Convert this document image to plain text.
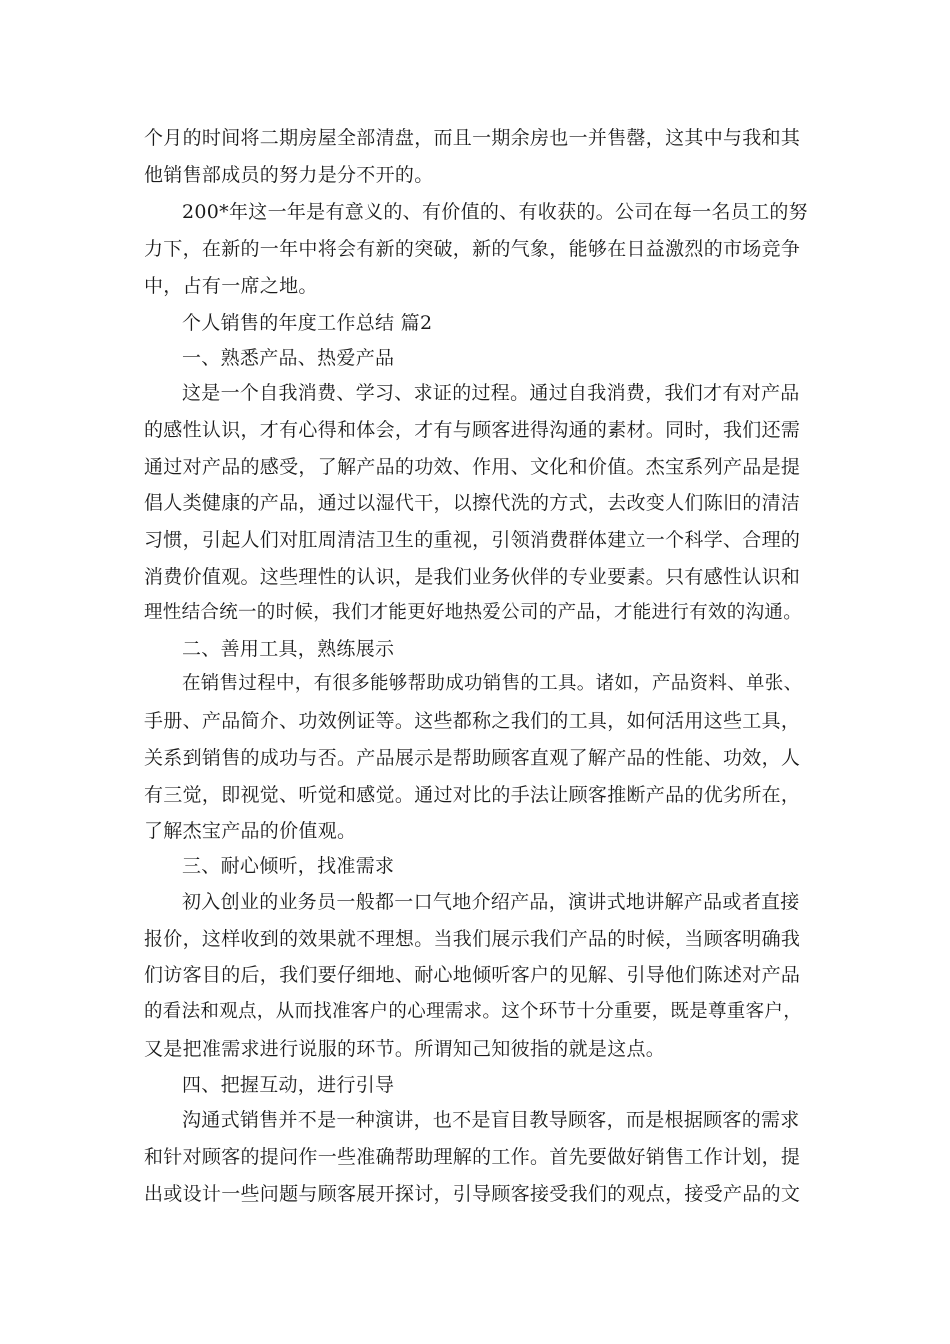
个月的时间将二期房屋全部清盘，而且一期余房也一并售罄，这其中与我和其
他销售部成员的努力是分不开的。
200*年这一年是有意义的、有价值的、有收获的。公司在每一名员工的努
力下，在新的一年中将会有新的突破，新的气象，能够在日益激烈的市场竞争
中，占有一席之地。
个人销售的年度工作总结 篇2
一、熟悉产品、热爱产品
这是一个自我消费、学习、求证的过程。通过自我消费，我们才有对产品
的感性认识，才有心得和体会，才有与顾客进得沟通的素材。同时，我们还需
通过对产品的感受，了解产品的功效、作用、文化和价值。杰宝系列产品是提
倡人类健康的产品，通过以湿代干，以擦代洗的方式，去改变人们陈旧的清洁
习惯，引起人们对肛周清洁卫生的重视，引领消费群体建立一个科学、合理的
消费价值观。这些理性的认识，是我们业务伙伴的专业要素。只有感性认识和
理性结合统一的时候，我们才能更好地热爱公司的产品，才能进行有效的沟通。
二、善用工具，熟练展示
在销售过程中，有很多能够帮助成功销售的工具。诸如，产品资料、单张、
手册、产品简介、功效例证等。这些都称之我们的工具，如何活用这些工具，
关系到销售的成功与否。产品展示是帮助顾客直观了解产品的性能、功效，人
有三觉，即视觉、听觉和感觉。通过对比的手法让顾客推断产品的优劣所在，
了解杰宝产品的价值观。
三、耐心倾听，找准需求
初入创业的业务员一般都一口气地介绍产品，演讲式地讲解产品或者直接
报价，这样收到的效果就不理想。当我们展示我们产品的时候，当顾客明确我
们访客目的后，我们要仔细地、耐心地倾听客户的见解、引导他们陈述对产品
的看法和观点，从而找准客户的心理需求。这个环节十分重要，既是尊重客户，
又是把准需求进行说服的环节。所谓知己知彼指的就是这点。
四、把握互动，进行引导
沟通式销售并不是一种演讲，也不是盲目教导顾客，而是根据顾客的需求
和针对顾客的提问作一些准确帮助理解的工作。首先要做好销售工作计划，提
出或设计一些问题与顾客展开探讨，引导顾客接受我们的观点，接受产品的文
